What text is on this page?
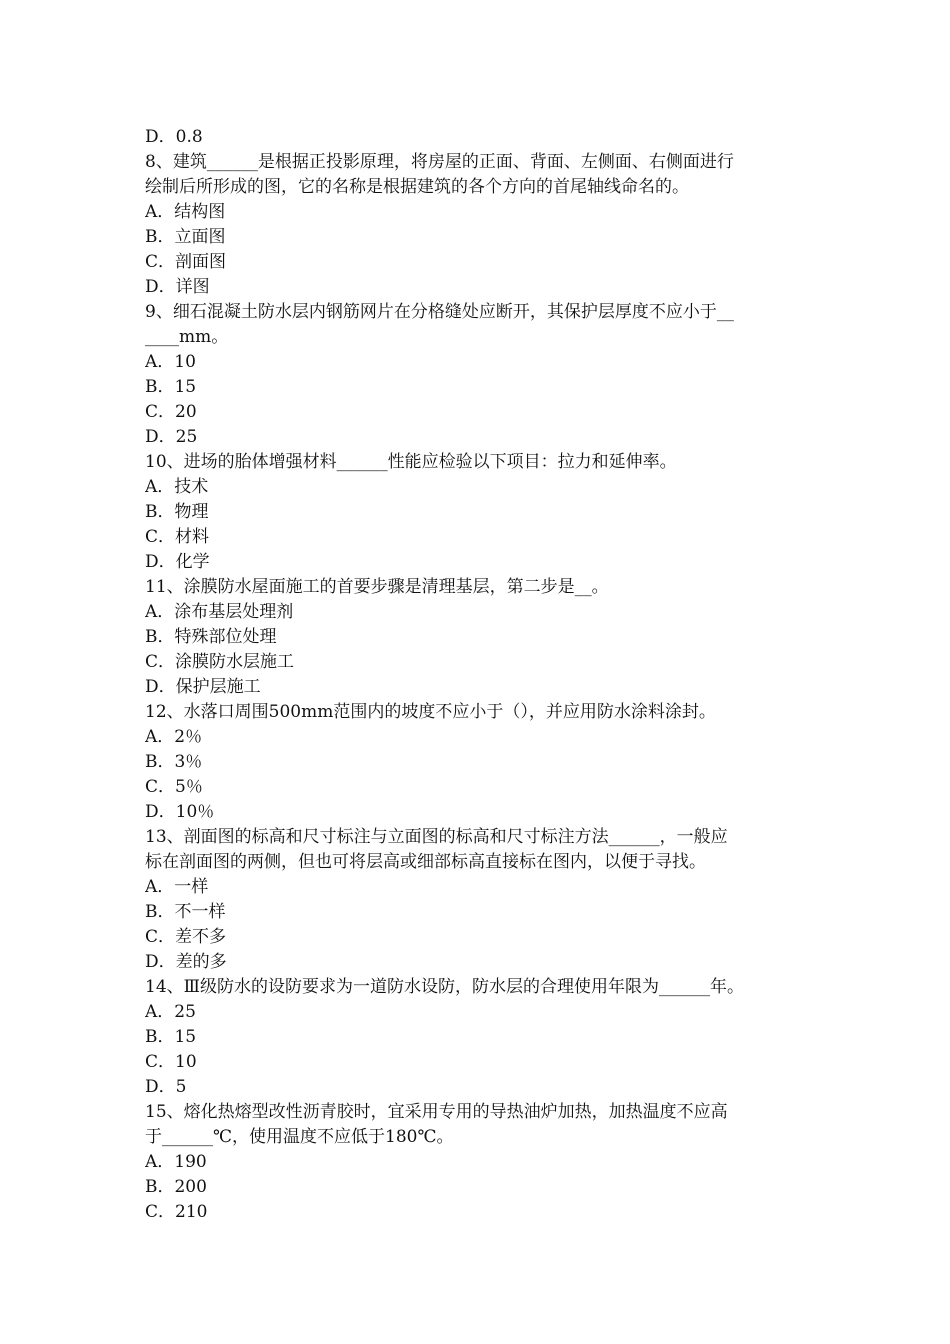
D．0.8
8、建筑______是根据正投影原理，将房屋的正面、背面、左侧面、右侧面进行
绘制后所形成的图，它的名称是根据建筑的各个方向的首尾轴线命名的。
A．结构图
B．立面图
C．剖面图
D．详图
9、细石混凝土防水层内钢筋网片在分格缝处应断开，其保护层厚度不应小于__
____mm。
A．10
B．15
C．20
D．25
10、进场的胎体增强材料______性能应检验以下项目：拉力和延伸率。
A．技术
B．物理
C．材料
D．化学
11、涂膜防水屋面施工的首要步骤是清理基层，第二步是__。
A．涂布基层处理剂
B．特殊部位处理
C．涂膜防水层施工
D．保护层施工
12、水落口周围500mm范围内的坡度不应小于（），并应用防水涂料涂封。
A．2％
B．3％
C．5％
D．10％
13、剖面图的标高和尺寸标注与立面图的标高和尺寸标注方法______，一般应
标在剖面图的两侧，但也可将层高或细部标高直接标在图内，以便于寻找。
A．一样
B．不一样
C．差不多
D．差的多
14、Ⅲ级防水的设防要求为一道防水设防，防水层的合理使用年限为______年。
A．25
B．15
C．10
D．5
15、熔化热熔型改性沥青胶时，宜采用专用的导热油炉加热，加热温度不应高
于______℃，使用温度不应低于180℃。
A．190
B．200
C．210
